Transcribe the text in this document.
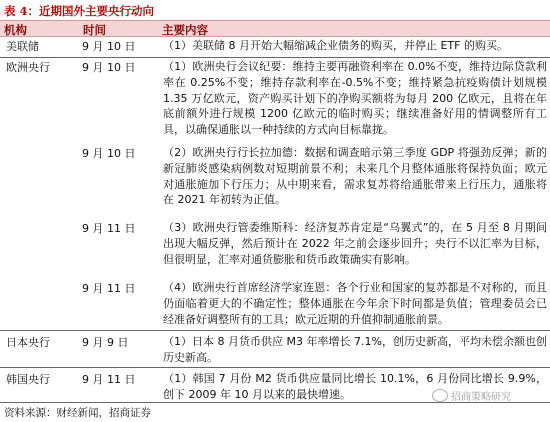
表 4：近期国外主要央行动向
机构	时间	主要内容
美联储	9 月 10 日	（1）美联储 8 月开始大幅缩减企业债务的购买，并停止 ETF 的购买。
欧洲央行	9 月 10 日	（1）欧洲央行会议纪要：维持主要再融资利率在 0.0%不变，维持边际贷款利率在 0.25%不变；维持存款利率在-0.5%不变；维持紧急抗疫购债计划规模 1.35 万亿欧元，资产购买计划下的净购买额将为每月 200 亿欧元，且将在年底前额外进行规模 1200 亿欧元的临时购买；继续准备好用的情调整所有工具，以确保通胀以一种持续的方式向目标靠拢。
9 月 10 日	（2）欧洲央行行长拉加德：数据和调查暗示第三季度 GDP 将强劲反弹；新的新冠肺炎感染病例数对短期前景不利；未来几个月整体通胀将保持负面；欧元对通胀施加下行压力；从中期来看，需求复苏将给通胀带来上行压力，通胀将在 2021 年初转为正值。
9 月 11 日	（3）欧洲央行管委维斯科：经济复苏肯定是“乌翼式”的，在 5 月至 8 月期间出现大幅反弹，然后预计在 2022 年之前会逐步回升；央行不以汇率为目标，但很明显，汇率对通货膨胀和货币政策确实有影响。
9 月 11 日	（4）欧洲央行首席经济学家连恩：各个行业和国家的复苏都是不对称的，而且仍面临着更大的不确定性；整体通胀在今年余下时间都是负值；管理委员会已经准备好调整所有的工具；欧元近期的升值抑制通胀前景。
日本央行	9 月 9 日	（1）日本 8 月货币供应 M3 年率增长 7.1%，创历史新高，平均未偿余额也创历史新高。
韩国央行	9 月 11 日	（1）韩国 7 月份 M2 货币供应量同比增长 10.1%，6 月份同比增长 9.9%，创下 2009 年 10 月以来的最快增速。
资料来源：财经新闻，招商证券
招商策略研究
